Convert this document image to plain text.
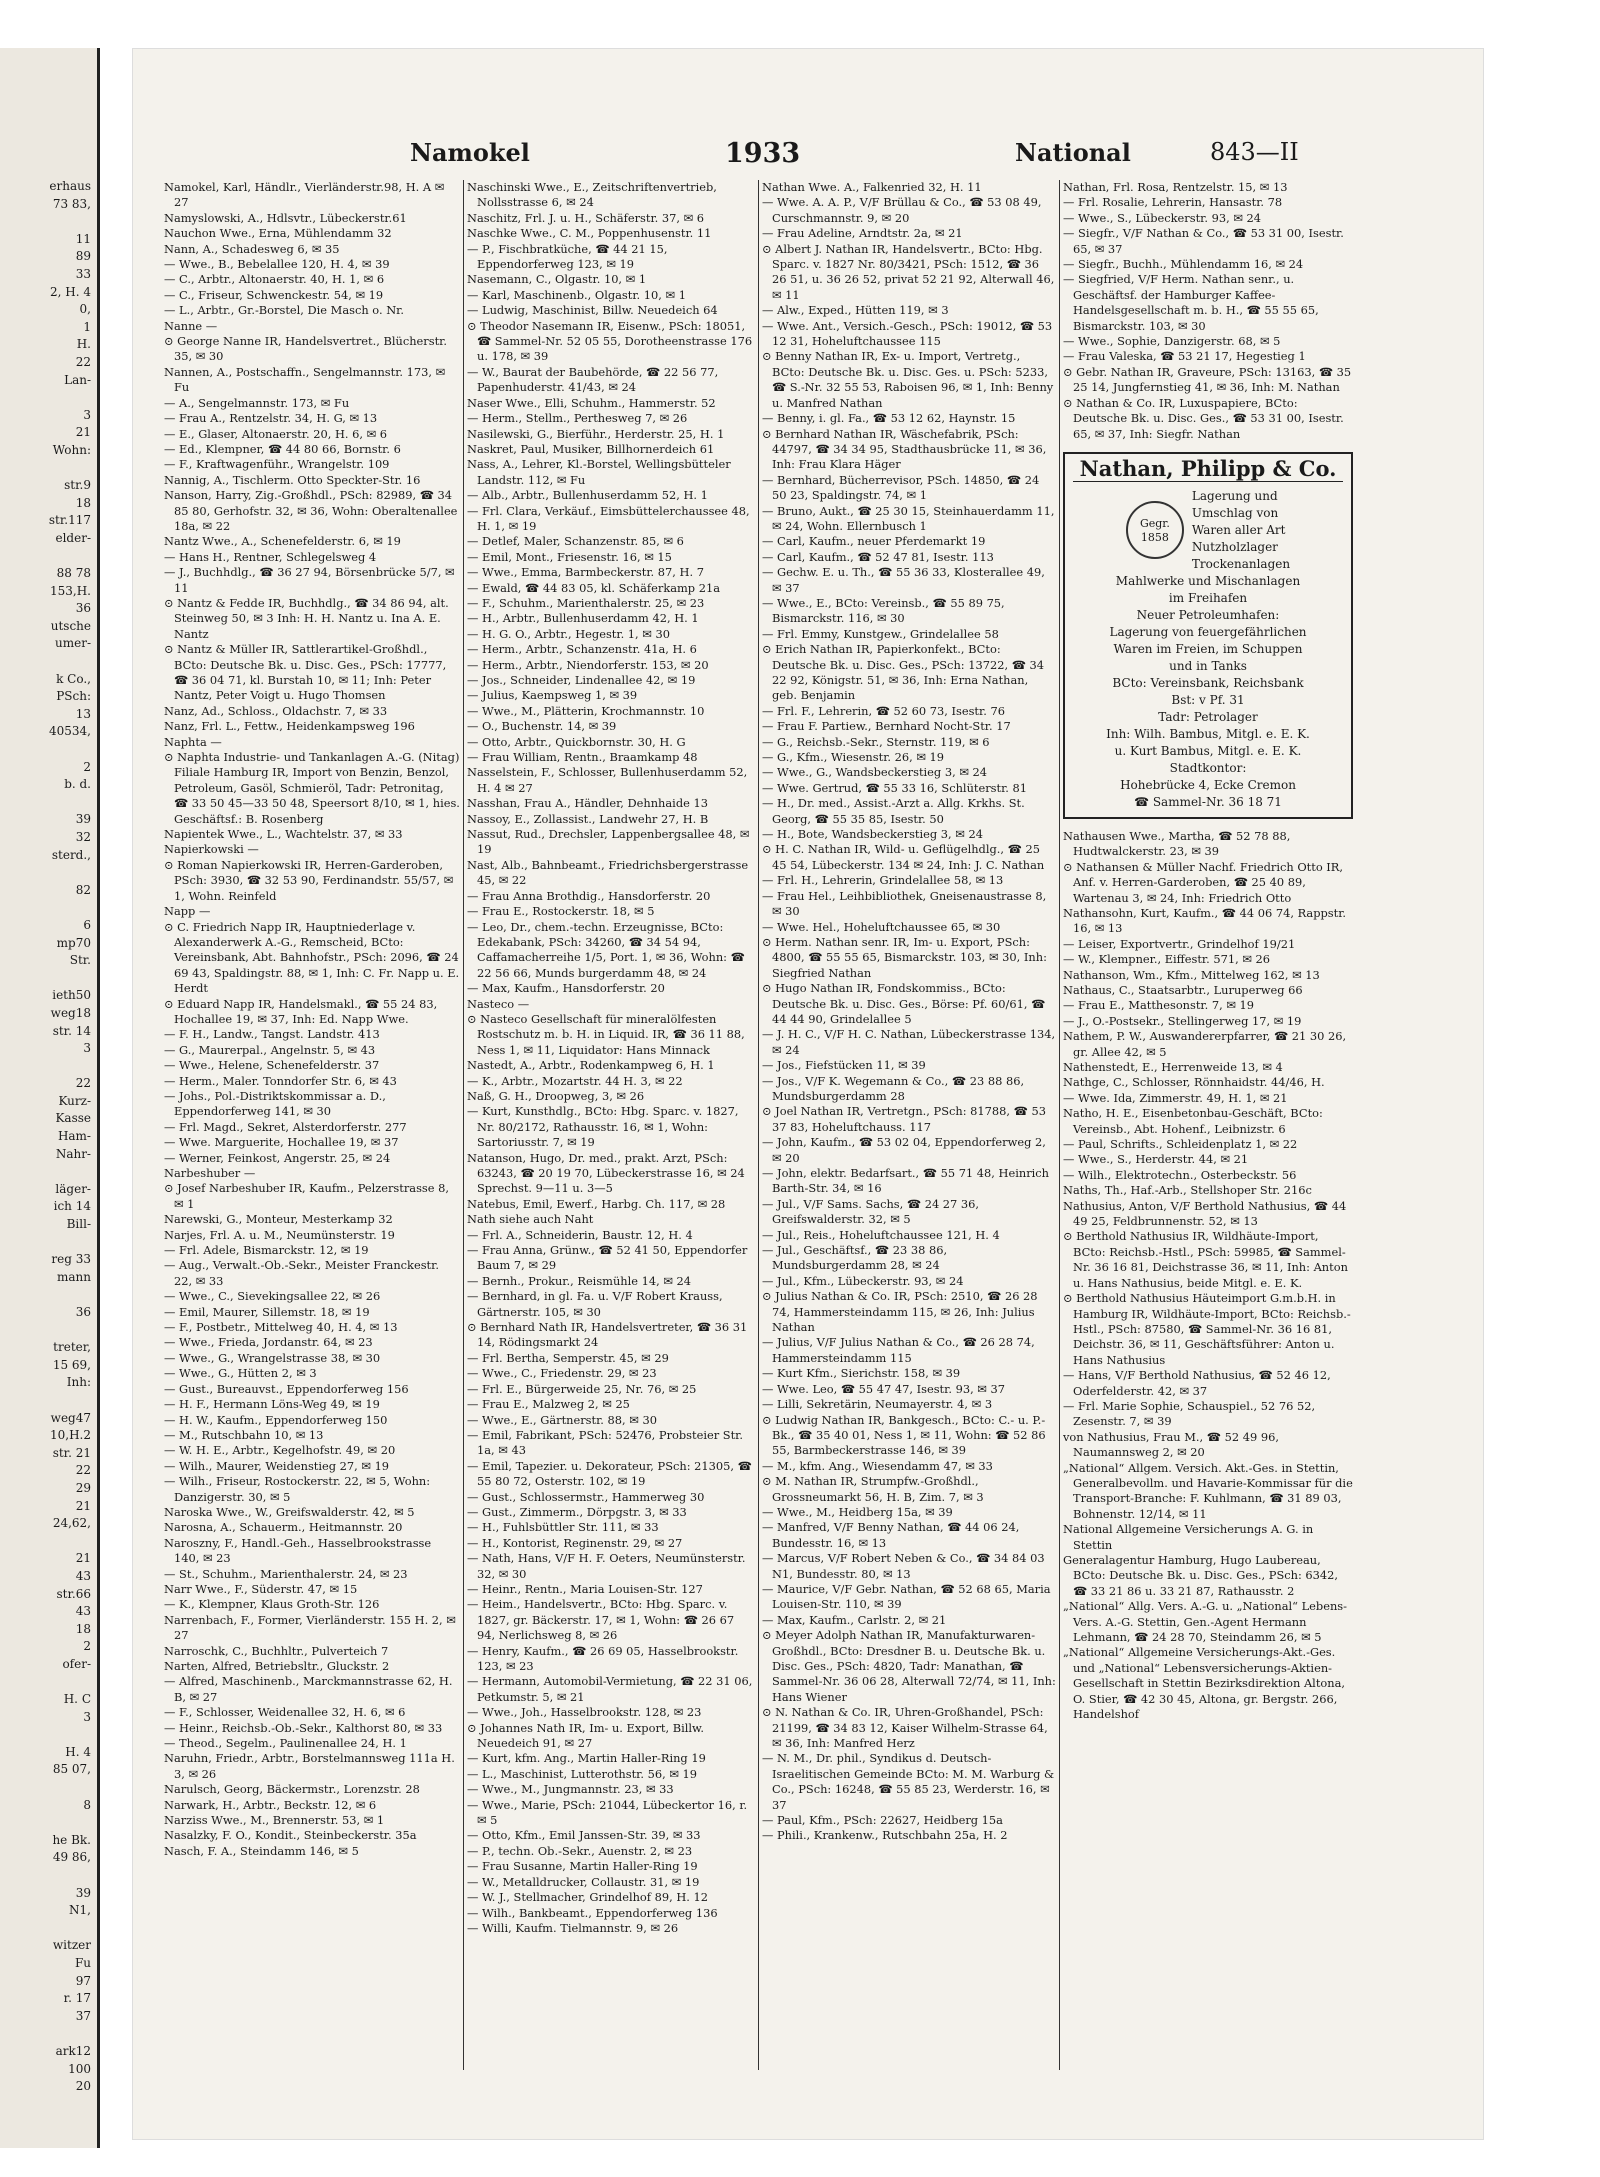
erhaus
73 83,

11
89
33
2, H. 4
0,
1
H.
22
Lan-

3
21
Wohn:

str.9
18
str.117
elder-

88 78
153,H.
36
utsche
umer-

k Co.,
PSch:
13
40534,

2
b. d.

39
32
sterd.,

82

6
mp70
Str.

ieth50
weg18
str. 14
3

22
Kurz-
Kasse
Ham-
Nahr-

läger-
ich 14
Bill-

reg 33
mann

36

treter,
15 69,
Inh:

weg47
10,H.2
str. 21
22
29
21
24,62,

21
43
str.66
43
18
2
ofer-

H. C
3

H. 4
85 07,

8

he Bk.
49 86,

39
N1,

witzer
Fu
97
r. 17
37

ark12
100
20
Namokel	1933	National	843—II

Namokel, Karl, Händlr., Vierländerstr.98, H. A ✉ 27

Namyslowski, A., Hdlsvtr., Lübeckerstr.61

Nauchon Wwe., Erna, Mühlendamm 32

Nann, A., Schadesweg 6, ✉ 35

— Wwe., B., Bebelallee 120, H. 4, ✉ 39

— C., Arbtr., Altonaerstr. 40, H. 1, ✉ 6

— C., Friseur, Schwenckestr. 54, ✉ 19

— L., Arbtr., Gr.-Borstel, Die Masch o. Nr.

Nanne —

⊙ George Nanne IR, Handelsvertret., Blücherstr. 35, ✉ 30

Nannen, A., Postschaffn., Sengelmannstr. 173, ✉ Fu

— A., Sengelmannstr. 173, ✉ Fu

— Frau A., Rentzelstr. 34, H. G, ✉ 13

— E., Glaser, Altonaerstr. 20, H. 6, ✉ 6

— Ed., Klempner, ☎ 44 80 66, Bornstr. 6

— F., Kraftwagenführ., Wrangelstr. 109

Nannig, A., Tischlerm. Otto Speckter-Str. 16

Nanson, Harry, Zig.-Großhdl., PSch: 82989, ☎ 34 85 80, Gerhofstr. 32, ✉ 36, Wohn: Oberaltenallee 18a, ✉ 22

Nantz Wwe., A., Schenefelderstr. 6, ✉ 19

— Hans H., Rentner, Schlegelsweg 4

— J., Buchhdlg., ☎ 36 27 94, Börsenbrücke 5/7, ✉ 11

⊙ Nantz & Fedde IR, Buchhdlg., ☎ 34 86 94, alt. Steinweg 50, ✉ 3 Inh: H. H. Nantz u. Ina A. E. Nantz

⊙ Nantz & Müller IR, Sattlerartikel-Großhdl., BCto: Deutsche Bk. u. Disc. Ges., PSch: 17777, ☎ 36 04 71, kl. Burstah 10, ✉ 11; Inh: Peter Nantz, Peter Voigt u. Hugo Thomsen

Nanz, Ad., Schloss., Oldachstr. 7, ✉ 33

Nanz, Frl. L., Fettw., Heidenkampsweg 196

Naphta —

⊙ Naphta Industrie- und Tankanlagen A.-G. (Nitag) Filiale Hamburg IR, Import von Benzin, Benzol, Petroleum, Gasöl, Schmieröl, Tadr: Petronitag, ☎ 33 50 45—33 50 48, Speersort 8/10, ✉ 1, hies. Geschäftsf.: B. Rosenberg

Napientek Wwe., L., Wachtelstr. 37, ✉ 33

Napierkowski —

⊙ Roman Napierkowski IR, Herren-Garderoben, PSch: 3930, ☎ 32 53 90, Ferdinandstr. 55/57, ✉ 1, Wohn. Reinfeld

Napp —

⊙ C. Friedrich Napp IR, Hauptniederlage v. Alexanderwerk A.-G., Remscheid, BCto: Vereinsbank, Abt. Bahnhofstr., PSch: 2096, ☎ 24 69 43, Spaldingstr. 88, ✉ 1, Inh: C. Fr. Napp u. E. Herdt

⊙ Eduard Napp IR, Handelsmakl., ☎ 55 24 83, Hochallee 19, ✉ 37, Inh: Ed. Napp Wwe.

— F. H., Landw., Tangst. Landstr. 413

— G., Maurerpal., Angelnstr. 5, ✉ 43

— Wwe., Helene, Schenefelderstr. 37

— Herm., Maler. Tonndorfer Str. 6, ✉ 43

— Johs., Pol.-Distriktskommissar a. D., Eppendorferweg 141, ✉ 30

— Frl. Magd., Sekret, Alsterdorferstr. 277

— Wwe. Marguerite, Hochallee 19, ✉ 37

— Werner, Feinkost, Angerstr. 25, ✉ 24

Narbeshuber —

⊙ Josef Narbeshuber IR, Kaufm., Pelzerstrasse 8, ✉ 1

Narewski, G., Monteur, Mesterkamp 32

Narjes, Frl. A. u. M., Neumünsterstr. 19

— Frl. Adele, Bismarckstr. 12, ✉ 19

— Aug., Verwalt.-Ob.-Sekr., Meister Franckestr. 22, ✉ 33

— Wwe., C., Sievekingsallee 22, ✉ 26

— Emil, Maurer, Sillemstr. 18, ✉ 19

— F., Postbetr., Mittelweg 40, H. 4, ✉ 13

— Wwe., Frieda, Jordanstr. 64, ✉ 23

— Wwe., G., Wrangelstrasse 38, ✉ 30

— Wwe., G., Hütten 2, ✉ 3

— Gust., Bureauvst., Eppendorferweg 156

— H. F., Hermann Löns-Weg 49, ✉ 19

— H. W., Kaufm., Eppendorferweg 150

— M., Rutschbahn 10, ✉ 13

— W. H. E., Arbtr., Kegelhofstr. 49, ✉ 20

— Wilh., Maurer, Weidenstieg 27, ✉ 19

— Wilh., Friseur, Rostockerstr. 22, ✉ 5, Wohn: Danzigerstr. 30, ✉ 5

Naroska Wwe., W., Greifswalderstr. 42, ✉ 5

Narosna, A., Schauerm., Heitmannstr. 20

Naroszny, F., Handl.-Geh., Hasselbrookstrasse 140, ✉ 23

— St., Schuhm., Marienthalerstr. 24, ✉ 23

Narr Wwe., F., Süderstr. 47, ✉ 15

— K., Klempner, Klaus Groth-Str. 126

Narrenbach, F., Former, Vierländerstr. 155 H. 2, ✉ 27

Narroschk, C., Buchhltr., Pulverteich 7

Narten, Alfred, Betriebsltr., Gluckstr. 2

— Alfred, Maschinenb., Marckmannstrasse 62, H. B, ✉ 27

— F., Schlosser, Weidenallee 32, H. 6, ✉ 6

— Heinr., Reichsb.-Ob.-Sekr., Kalthorst 80, ✉ 33

— Theod., Segelm., Paulinenallee 24, H. 1

Naruhn, Friedr., Arbtr., Borstelmannsweg 111a H. 3, ✉ 26

Narulsch, Georg, Bäckermstr., Lorenzstr. 28

Narwark, H., Arbtr., Beckstr. 12, ✉ 6

Narziss Wwe., M., Brennerstr. 53, ✉ 1

Nasalzky, F. O., Kondit., Steinbeckerstr. 35a

Nasch, F. A., Steindamm 146, ✉ 5

Naschinski Wwe., E., Zeitschriftenvertrieb, Nollsstrasse 6, ✉ 24

Naschitz, Frl. J. u. H., Schäferstr. 37, ✉ 6

Naschke Wwe., C. M., Poppenhusenstr. 11

— P., Fischbratküche, ☎ 44 21 15, Eppendorferweg 123, ✉ 19

Nasemann, C., Olgastr. 10, ✉ 1

— Karl, Maschinenb., Olgastr. 10, ✉ 1

— Ludwig, Maschinist, Billw. Neuedeich 64

⊙ Theodor Nasemann IR, Eisenw., PSch: 18051, ☎ Sammel-Nr. 52 05 55, Dorotheenstrasse 176 u. 178, ✉ 39

— W., Baurat der Baubehörde, ☎ 22 56 77, Papenhuderstr. 41/43, ✉ 24

Naser Wwe., Elli, Schuhm., Hammerstr. 52

— Herm., Stellm., Perthesweg 7, ✉ 26

Nasilewski, G., Bierführ., Herderstr. 25, H. 1

Naskret, Paul, Musiker, Billhornerdeich 61

Nass, A., Lehrer, Kl.-Borstel, Wellingsbütteler Landstr. 112, ✉ Fu

— Alb., Arbtr., Bullenhuserdamm 52, H. 1

— Frl. Clara, Verkäuf., Eimsbüttelerchaussee 48, H. 1, ✉ 19

— Detlef, Maler, Schanzenstr. 85, ✉ 6

— Emil, Mont., Friesenstr. 16, ✉ 15

— Wwe., Emma, Barmbeckerstr. 87, H. 7

— Ewald, ☎ 44 83 05, kl. Schäferkamp 21a

— F., Schuhm., Marienthalerstr. 25, ✉ 23

— H., Arbtr., Bullenhuserdamm 42, H. 1

— H. G. O., Arbtr., Hegestr. 1, ✉ 30

— Herm., Arbtr., Schanzenstr. 41a, H. 6

— Herm., Arbtr., Niendorferstr. 153, ✉ 20

— Jos., Schneider, Lindenallee 42, ✉ 19

— Julius, Kaempsweg 1, ✉ 39

— Wwe., M., Plätterin, Krochmannstr. 10

— O., Buchenstr. 14, ✉ 39

— Otto, Arbtr., Quickbornstr. 30, H. G

— Frau William, Rentn., Braamkamp 48

Nasselstein, F., Schlosser, Bullenhuserdamm 52, H. 4 ✉ 27

Nasshan, Frau A., Händler, Dehnhaide 13

Nassoy, E., Zollassist., Landwehr 27, H. B

Nassut, Rud., Drechsler, Lappenbergsallee 48, ✉ 19

Nast, Alb., Bahnbeamt., Friedrichsbergerstrasse 45, ✉ 22

— Frau Anna Brothdig., Hansdorferstr. 20

— Frau E., Rostockerstr. 18, ✉ 5

— Leo, Dr., chem.-techn. Erzeugnisse, BCto: Edekabank, PSch: 34260, ☎ 34 54 94, Caffamacherreihe 1/5, Port. 1, ✉ 36, Wohn: ☎ 22 56 66, Munds burgerdamm 48, ✉ 24

— Max, Kaufm., Hansdorferstr. 20

Nasteco —

⊙ Nasteco Gesellschaft für mineralölfesten Rostschutz m. b. H. in Liquid. IR, ☎ 36 11 88, Ness 1, ✉ 11, Liquidator: Hans Minnack

Nastedt, A., Arbtr., Rodenkampweg 6, H. 1

— K., Arbtr., Mozartstr. 44 H. 3, ✉ 22

Naß, G. H., Droopweg, 3, ✉ 26

— Kurt, Kunsthdlg., BCto: Hbg. Sparc. v. 1827, Nr. 80/2172, Rathausstr. 16, ✉ 1, Wohn: Sartoriusstr. 7, ✉ 19

Natanson, Hugo, Dr. med., prakt. Arzt, PSch: 63243, ☎ 20 19 70, Lübeckerstrasse 16, ✉ 24 Sprechst. 9—11 u. 3—5

Natebus, Emil, Ewerf., Harbg. Ch. 117, ✉ 28

Nath siehe auch Naht

— Frl. A., Schneiderin, Baustr. 12, H. 4

— Frau Anna, Grünw., ☎ 52 41 50, Eppendorfer Baum 7, ✉ 29

— Bernh., Prokur., Reismühle 14, ✉ 24

— Bernhard, in gl. Fa. u. V/F Robert Krauss, Gärtnerstr. 105, ✉ 30

⊙ Bernhard Nath IR, Handelsvertreter, ☎ 36 31 14, Rödingsmarkt 24

— Frl. Bertha, Semperstr. 45, ✉ 29

— Wwe., C., Friedenstr. 29, ✉ 23

— Frl. E., Bürgerweide 25, Nr. 76, ✉ 25

— Frau E., Malzweg 2, ✉ 25

— Wwe., E., Gärtnerstr. 88, ✉ 30

— Emil, Fabrikant, PSch: 52476, Probsteier Str. 1a, ✉ 43

— Emil, Tapezier. u. Dekorateur, PSch: 21305, ☎ 55 80 72, Osterstr. 102, ✉ 19

— Gust., Schlossermstr., Hammerweg 30

— Gust., Zimmerm., Dörpgstr. 3, ✉ 33

— H., Fuhlsbüttler Str. 111, ✉ 33

— H., Kontorist, Reginenstr. 29, ✉ 27

— Nath, Hans, V/F H. F. Oeters, Neumünsterstr. 32, ✉ 30

— Heinr., Rentn., Maria Louisen-Str. 127

— Heim., Handelsvertr., BCto: Hbg. Sparc. v. 1827, gr. Bäckerstr. 17, ✉ 1, Wohn: ☎ 26 67 94, Nerlichsweg 8, ✉ 26

— Henry, Kaufm., ☎ 26 69 05, Hasselbrookstr. 123, ✉ 23

— Hermann, Automobil-Vermietung, ☎ 22 31 06, Petkumstr. 5, ✉ 21

— Wwe., Joh., Hasselbrookstr. 128, ✉ 23

⊙ Johannes Nath IR, Im- u. Export, Billw. Neuedeich 91, ✉ 27

— Kurt, kfm. Ang., Martin Haller-Ring 19

— L., Maschinist, Lutterothstr. 56, ✉ 19

— Wwe., M., Jungmannstr. 23, ✉ 33

— Wwe., Marie, PSch: 21044, Lübeckertor 16, r. ✉ 5

— Otto, Kfm., Emil Janssen-Str. 39, ✉ 33

— P., techn. Ob.-Sekr., Auenstr. 2, ✉ 23

— Frau Susanne, Martin Haller-Ring 19

— W., Metalldrucker, Collaustr. 31, ✉ 19

— W. J., Stellmacher, Grindelhof 89, H. 12

— Wilh., Bankbeamt., Eppendorferweg 136

— Willi, Kaufm. Tielmannstr. 9, ✉ 26

Nathan Wwe. A., Falkenried 32, H. 11

— Wwe. A. A. P., V/F Brüllau & Co., ☎ 53 08 49, Curschmannstr. 9, ✉ 20

— Frau Adeline, Arndtstr. 2a, ✉ 21

⊙ Albert J. Nathan IR, Handelsvertr., BCto: Hbg. Sparc. v. 1827 Nr. 80/3421, PSch: 1512, ☎ 36 26 51, u. 36 26 52, privat 52 21 92, Alterwall 46, ✉ 11

— Alw., Exped., Hütten 119, ✉ 3

— Wwe. Ant., Versich.-Gesch., PSch: 19012, ☎ 53 12 31, Hoheluftchaussee 115

⊙ Benny Nathan IR, Ex- u. Import, Vertretg., BCto: Deutsche Bk. u. Disc. Ges. u. PSch: 5233, ☎ S.-Nr. 32 55 53, Raboisen 96, ✉ 1, Inh: Benny u. Manfred Nathan

— Benny, i. gl. Fa., ☎ 53 12 62, Haynstr. 15

⊙ Bernhard Nathan IR, Wäschefabrik, PSch: 44797, ☎ 34 34 95, Stadthausbrücke 11, ✉ 36, Inh: Frau Klara Häger

— Bernhard, Bücherrevisor, PSch. 14850, ☎ 24 50 23, Spaldingstr. 74, ✉ 1

— Bruno, Aukt., ☎ 25 30 15, Steinhauerdamm 11, ✉ 24, Wohn. Ellernbusch 1

— Carl, Kaufm., neuer Pferdemarkt 19

— Carl, Kaufm., ☎ 52 47 81, Isestr. 113

— Gechw. E. u. Th., ☎ 55 36 33, Klosterallee 49, ✉ 37

— Wwe., E., BCto: Vereinsb., ☎ 55 89 75, Bismarckstr. 116, ✉ 30

— Frl. Emmy, Kunstgew., Grindelallee 58

⊙ Erich Nathan IR, Papierkonfekt., BCto: Deutsche Bk. u. Disc. Ges., PSch: 13722, ☎ 34 22 92, Königstr. 51, ✉ 36, Inh: Erna Nathan, geb. Benjamin

— Frl. F., Lehrerin, ☎ 52 60 73, Isestr. 76

— Frau F. Partiew., Bernhard Nocht-Str. 17

— G., Reichsb.-Sekr., Sternstr. 119, ✉ 6

— G., Kfm., Wiesenstr. 26, ✉ 19

— Wwe., G., Wandsbeckerstieg 3, ✉ 24

— Wwe. Gertrud, ☎ 55 33 16, Schlüterstr. 81

— H., Dr. med., Assist.-Arzt a. Allg. Krkhs. St. Georg, ☎ 55 35 85, Isestr. 50

— H., Bote, Wandsbeckerstieg 3, ✉ 24

⊙ H. C. Nathan IR, Wild- u. Geflügelhdlg., ☎ 25 45 54, Lübeckerstr. 134 ✉ 24, Inh: J. C. Nathan

— Frl. H., Lehrerin, Grindelallee 58, ✉ 13

— Frau Hel., Leihbibliothek, Gneisenaustrasse 8, ✉ 30

— Wwe. Hel., Hoheluftchaussee 65, ✉ 30

⊙ Herm. Nathan senr. IR, Im- u. Export, PSch: 4800, ☎ 55 55 65, Bismarckstr. 103, ✉ 30, Inh: Siegfried Nathan

⊙ Hugo Nathan IR, Fondskommiss., BCto: Deutsche Bk. u. Disc. Ges., Börse: Pf. 60/61, ☎ 44 44 90, Grindelallee 5

— J. H. C., V/F H. C. Nathan, Lübeckerstrasse 134, ✉ 24

— Jos., Fiefstücken 11, ✉ 39

— Jos., V/F K. Wegemann & Co., ☎ 23 88 86, Mundsburgerdamm 28

⊙ Joel Nathan IR, Vertretgn., PSch: 81788, ☎ 53 37 83, Hoheluftchauss. 117

— John, Kaufm., ☎ 53 02 04, Eppendorferweg 2, ✉ 20

— John, elektr. Bedarfsart., ☎ 55 71 48, Heinrich Barth-Str. 34, ✉ 16

— Jul., V/F Sams. Sachs, ☎ 24 27 36, Greifswalderstr. 32, ✉ 5

— Jul., Reis., Hoheluftchaussee 121, H. 4

— Jul., Geschäftsf., ☎ 23 38 86, Mundsburgerdamm 28, ✉ 24

— Jul., Kfm., Lübeckerstr. 93, ✉ 24

⊙ Julius Nathan & Co. IR, PSch: 2510, ☎ 26 28 74, Hammersteindamm 115, ✉ 26, Inh: Julius Nathan

— Julius, V/F Julius Nathan & Co., ☎ 26 28 74, Hammersteindamm 115

— Kurt Kfm., Sierichstr. 158, ✉ 39

— Wwe. Leo, ☎ 55 47 47, Isestr. 93, ✉ 37

— Lilli, Sekretärin, Neumayerstr. 4, ✉ 3

⊙ Ludwig Nathan IR, Bankgesch., BCto: C.- u. P.-Bk., ☎ 35 40 01, Ness 1, ✉ 11, Wohn: ☎ 52 86 55, Barmbeckerstrasse 146, ✉ 39

— M., kfm. Ang., Wiesendamm 47, ✉ 33

⊙ M. Nathan IR, Strumpfw.-Großhdl., Grossneumarkt 56, H. B, Zim. 7, ✉ 3

— Wwe., M., Heidberg 15a, ✉ 39

— Manfred, V/F Benny Nathan, ☎ 44 06 24, Bundesstr. 16, ✉ 13

— Marcus, V/F Robert Neben & Co., ☎ 34 84 03 N1, Bundesstr. 80, ✉ 13

— Maurice, V/F Gebr. Nathan, ☎ 52 68 65, Maria Louisen-Str. 110, ✉ 39

— Max, Kaufm., Carlstr. 2, ✉ 21

⊙ Meyer Adolph Nathan IR, Manufakturwaren-Großhdl., BCto: Dresdner B. u. Deutsche Bk. u. Disc. Ges., PSch: 4820, Tadr: Manathan, ☎ Sammel-Nr. 36 06 28, Alterwall 72/74, ✉ 11, Inh: Hans Wiener

⊙ N. Nathan & Co. IR, Uhren-Großhandel, PSch: 21199, ☎ 34 83 12, Kaiser Wilhelm-Strasse 64, ✉ 36, Inh: Manfred Herz

— N. M., Dr. phil., Syndikus d. Deutsch-Israelitischen Gemeinde BCto: M. M. Warburg & Co., PSch: 16248, ☎ 55 85 23, Werderstr. 16, ✉ 37

— Paul, Kfm., PSch: 22627, Heidberg 15a

— Phili., Krankenw., Rutschbahn 25a, H. 2

Nathan, Frl. Rosa, Rentzelstr. 15, ✉ 13

— Frl. Rosalie, Lehrerin, Hansastr. 78

— Wwe., S., Lübeckerstr. 93, ✉ 24

— Siegfr., V/F Nathan & Co., ☎ 53 31 00, Isestr. 65, ✉ 37

— Siegfr., Buchh., Mühlendamm 16, ✉ 24

— Siegfried, V/F Herm. Nathan senr., u. Geschäftsf. der Hamburger Kaffee-Handelsgesellschaft m. b. H., ☎ 55 55 65, Bismarckstr. 103, ✉ 30

— Wwe., Sophie, Danzigerstr. 68, ✉ 5

— Frau Valeska, ☎ 53 21 17, Hegestieg 1

⊙ Gebr. Nathan IR, Graveure, PSch: 13163, ☎ 35 25 14, Jungfernstieg 41, ✉ 36, Inh: M. Nathan

⊙ Nathan & Co. IR, Luxuspapiere, BCto: Deutsche Bk. u. Disc. Ges., ☎ 53 31 00, Isestr. 65, ✉ 37, Inh: Siegfr. Nathan

Nathan, Philipp & Co.
Gegr.
1858
Lagerung und
Umschlag von
Waren aller Art
Nutzholzlager
Trockenanlagen
Mahlwerke und Mischanlagen
im Freihafen
Neuer Petroleumhafen:
Lagerung von feuergefährlichen
Waren im Freien, im Schuppen
und in Tanks
BCto: Vereinsbank, Reichsbank
Bst: v Pf. 31
Tadr: Petrolager
Inh: Wilh. Bambus, Mitgl. e. E. K.
u. Kurt Bambus, Mitgl. e. E. K.
Stadtkontor:
Hohebrücke 4, Ecke Cremon
☎ Sammel-Nr. 36 18 71

Nathausen Wwe., Martha, ☎ 52 78 88, Hudtwalckerstr. 23, ✉ 39

⊙ Nathansen & Müller Nachf. Friedrich Otto IR, Anf. v. Herren-Garderoben, ☎ 25 40 89, Wartenau 3, ✉ 24, Inh: Friedrich Otto

Nathansohn, Kurt, Kaufm., ☎ 44 06 74, Rappstr. 16, ✉ 13

— Leiser, Exportvertr., Grindelhof 19/21

— W., Klempner., Eiffestr. 571, ✉ 26

Nathanson, Wm., Kfm., Mittelweg 162, ✉ 13

Nathaus, C., Staatsarbtr., Luruperweg 66

— Frau E., Matthesonstr. 7, ✉ 19

— J., O.-Postsekr., Stellingerweg 17, ✉ 19

Nathem, P. W., Auswandererpfarrer, ☎ 21 30 26, gr. Allee 42, ✉ 5

Nathenstedt, E., Herrenweide 13, ✉ 4

Nathge, C., Schlosser, Rönnhaidstr. 44/46, H.

— Wwe. Ida, Zimmerstr. 49, H. 1, ✉ 21

Natho, H. E., Eisenbetonbau-Geschäft, BCto: Vereinsb., Abt. Hohenf., Leibnizstr. 6

— Paul, Schrifts., Schleidenplatz 1, ✉ 22

— Wwe., S., Herderstr. 44, ✉ 21

— Wilh., Elektrotechn., Osterbeckstr. 56

Naths, Th., Haf.-Arb., Stellshoper Str. 216c

Nathusius, Anton, V/F Berthold Nathusius, ☎ 44 49 25, Feldbrunnenstr. 52, ✉ 13

⊙ Berthold Nathusius IR, Wildhäute-Import, BCto: Reichsb.-Hstl., PSch: 59985, ☎ Sammel-Nr. 36 16 81, Deichstrasse 36, ✉ 11, Inh: Anton u. Hans Nathusius, beide Mitgl. e. E. K.

⊙ Berthold Nathusius Häuteimport G.m.b.H. in Hamburg IR, Wildhäute-Import, BCto: Reichsb.-Hstl., PSch: 87580, ☎ Sammel-Nr. 36 16 81, Deichstr. 36, ✉ 11, Geschäftsführer: Anton u. Hans Nathusius

— Hans, V/F Berthold Nathusius, ☎ 52 46 12, Oderfelderstr. 42, ✉ 37

— Frl. Marie Sophie, Schauspiel., 52 76 52, Zesenstr. 7, ✉ 39

von Nathusius, Frau M., ☎ 52 49 96, Naumannsweg 2, ✉ 20

„National“ Allgem. Versich. Akt.-Ges. in Stettin, Generalbevollm. und Havarie-Kommissar für die Transport-Branche: F. Kuhlmann, ☎ 31 89 03, Bohnenstr. 12/14, ✉ 11

National Allgemeine Versicherungs A. G. in Stettin

Generalagentur Hamburg, Hugo Laubereau, BCto: Deutsche Bk. u. Disc. Ges., PSch: 6342, ☎ 33 21 86 u. 33 21 87, Rathausstr. 2

„National“ Allg. Vers. A.-G. u. „National“ Lebens-Vers. A.-G. Stettin, Gen.-Agent Hermann Lehmann, ☎ 24 28 70, Steindamm 26, ✉ 5

„National“ Allgemeine Versicherungs-Akt.-Ges. und „National“ Lebensversicherungs-Aktien-Gesellschaft in Stettin Bezirksdirektion Altona, O. Stier, ☎ 42 30 45, Altona, gr. Bergstr. 266, Handelshof
